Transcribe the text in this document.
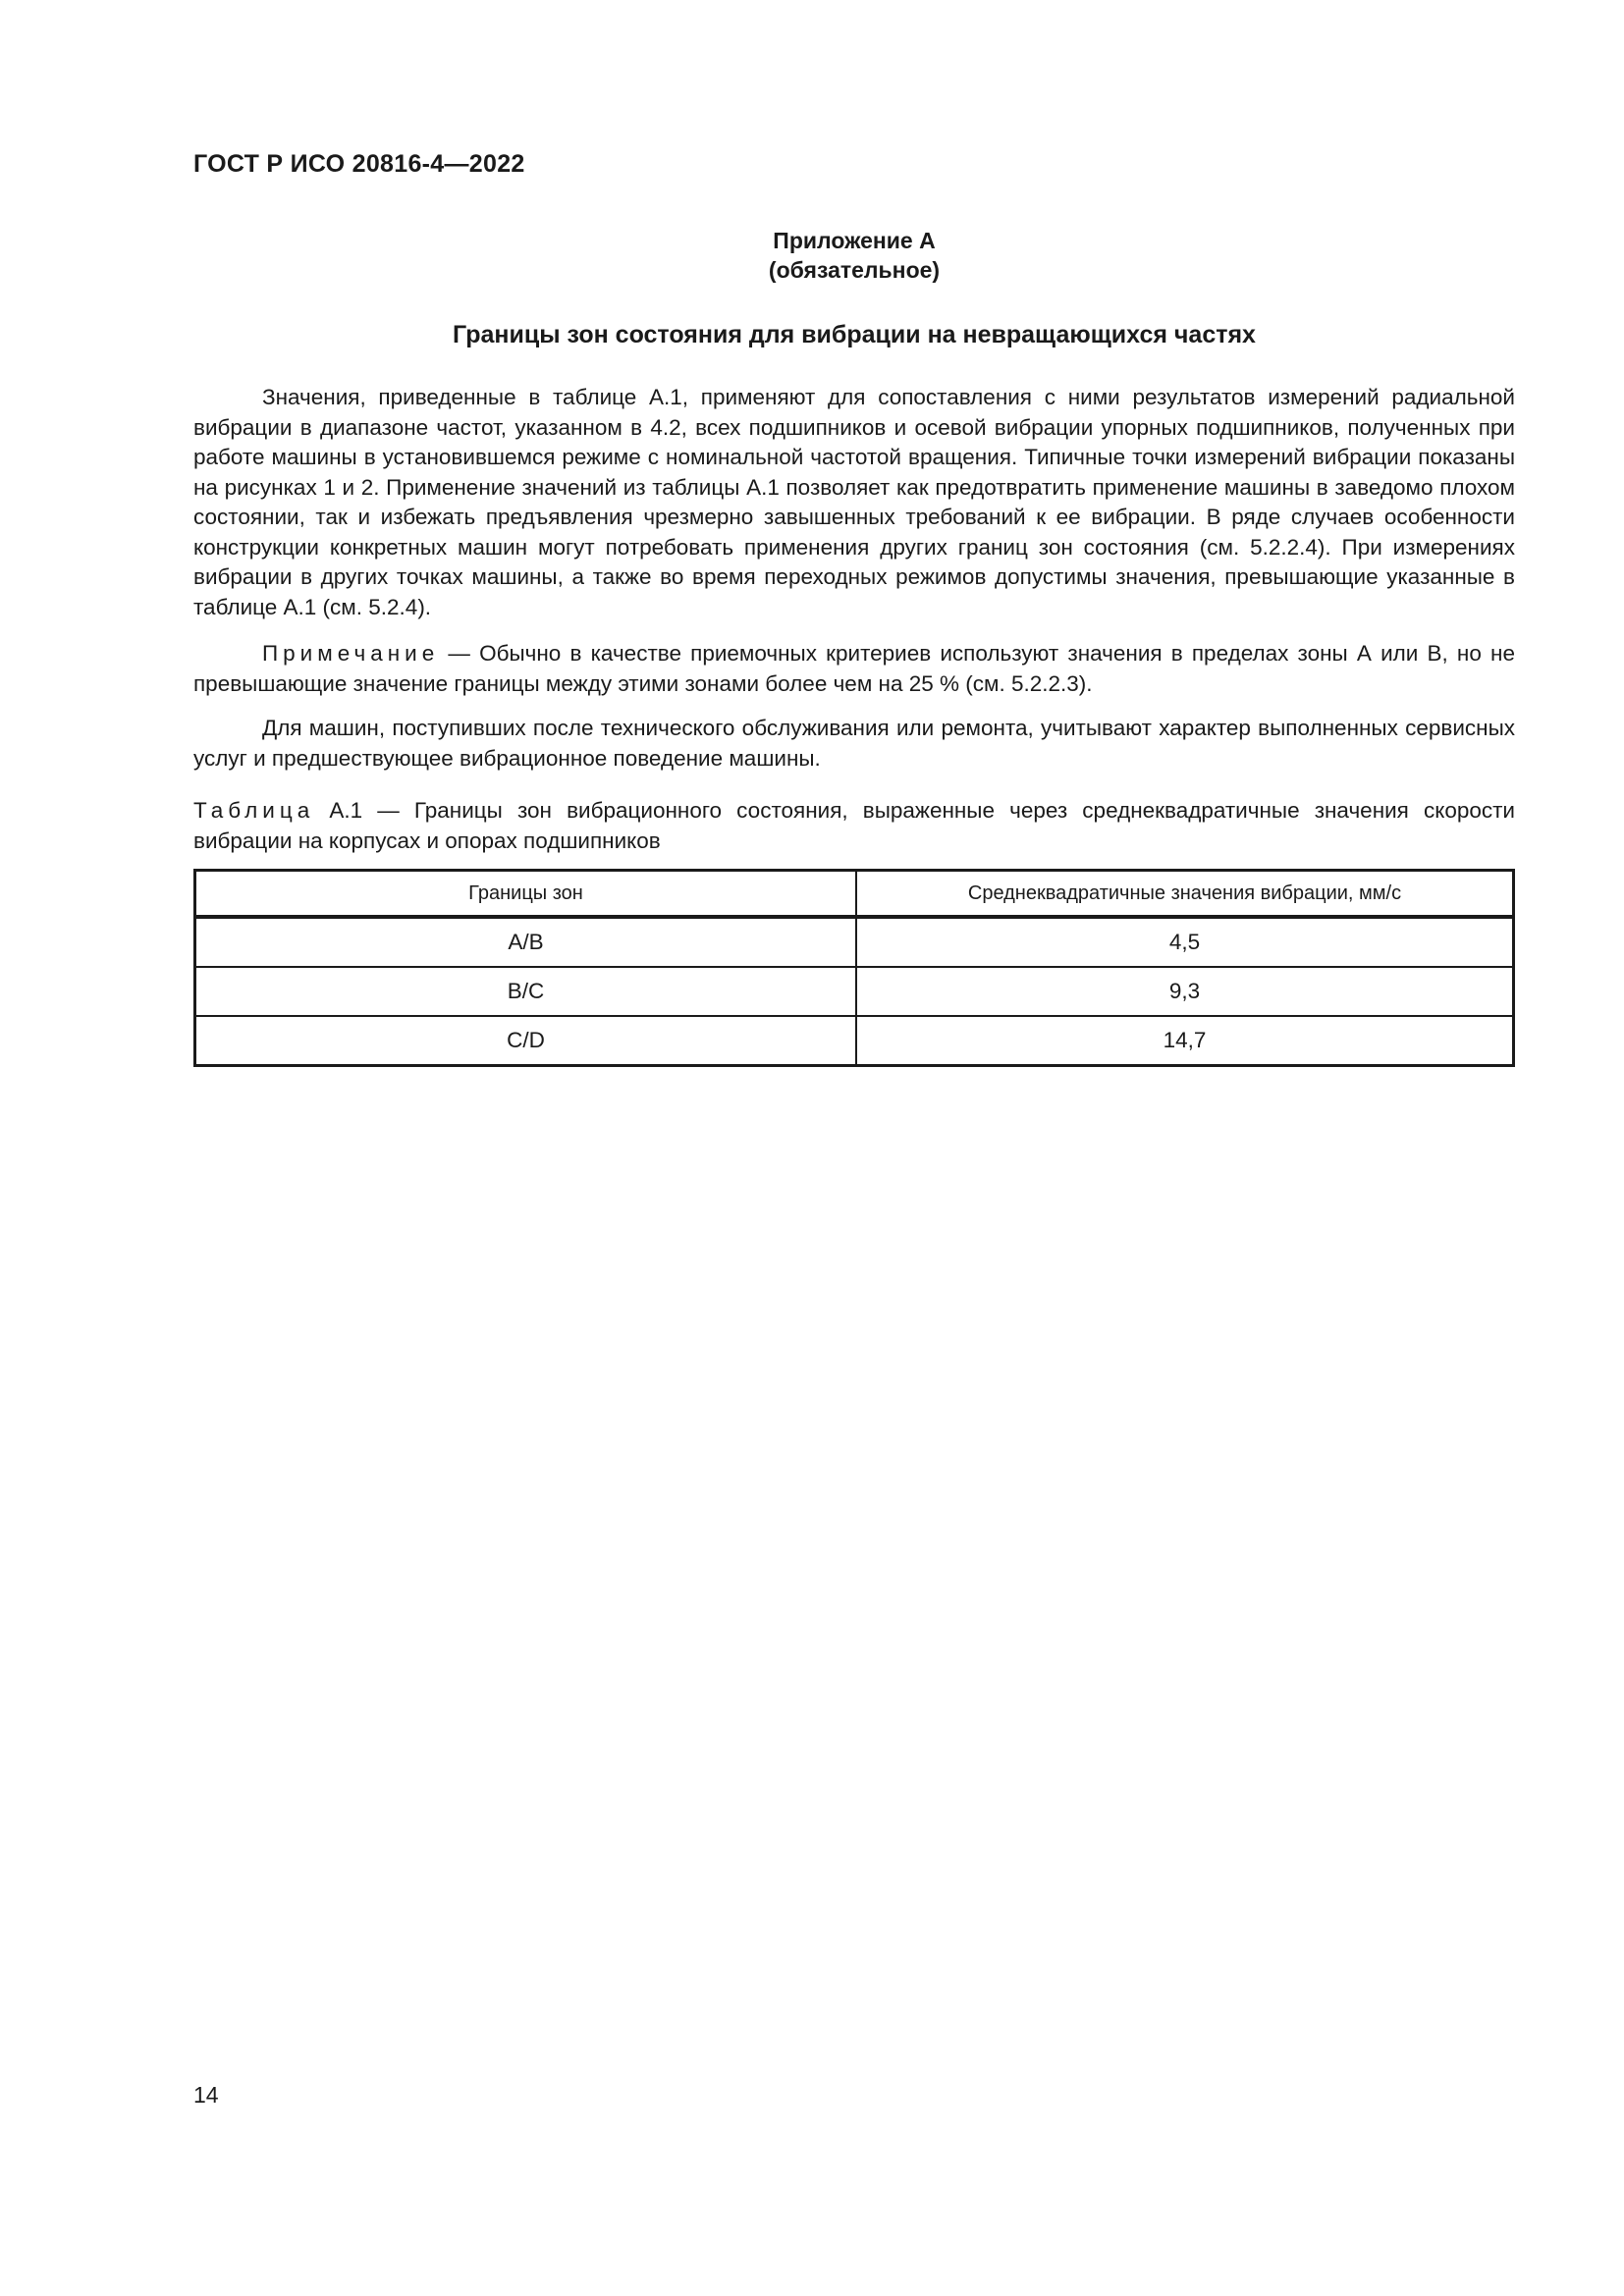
ГОСТ Р ИСО 20816-4—2022
Приложение А
(обязательное)
Границы зон состояния для вибрации на невращающихся частях

Значения, приведенные в таблице А.1, применяют для сопоставления с ними результатов измерений радиальной вибрации в диапазоне частот, указанном в 4.2, всех подшипников и осевой вибрации упорных подшипников, полученных при работе машины в установившемся режиме с номинальной частотой вращения. Типичные точки измерений вибрации показаны на рисунках 1 и 2. Применение значений из таблицы А.1 позволяет как предотвратить применение машины в заведомо плохом состоянии, так и избежать предъявления чрезмерно завышенных требований к ее вибрации. В ряде случаев особенности конструкции конкретных машин могут потребовать применения других границ зон состояния (см. 5.2.2.4). При измерениях вибрации в других точках машины, а также во время переходных режимов допустимы значения, превышающие указанные в таблице А.1 (см. 5.2.4).

Примечание — Обычно в качестве приемочных критериев используют значения в пределах зоны А или В, но не превышающие значение границы между этими зонами более чем на 25 % (см. 5.2.2.3).

Для машин, поступивших после технического обслуживания или ремонта, учитывают характер выполненных сервисных услуг и предшествующее вибрационное поведение машины.

Таблица А.1 — Границы зон вибрационного состояния, выраженные через среднеквадратичные значения скорости вибрации на корпусах и опорах подшипников

Границы зон	Среднеквадратичные значения вибрации, мм/с
А/В	4,5
В/С	9,3
С/D	14,7
14
